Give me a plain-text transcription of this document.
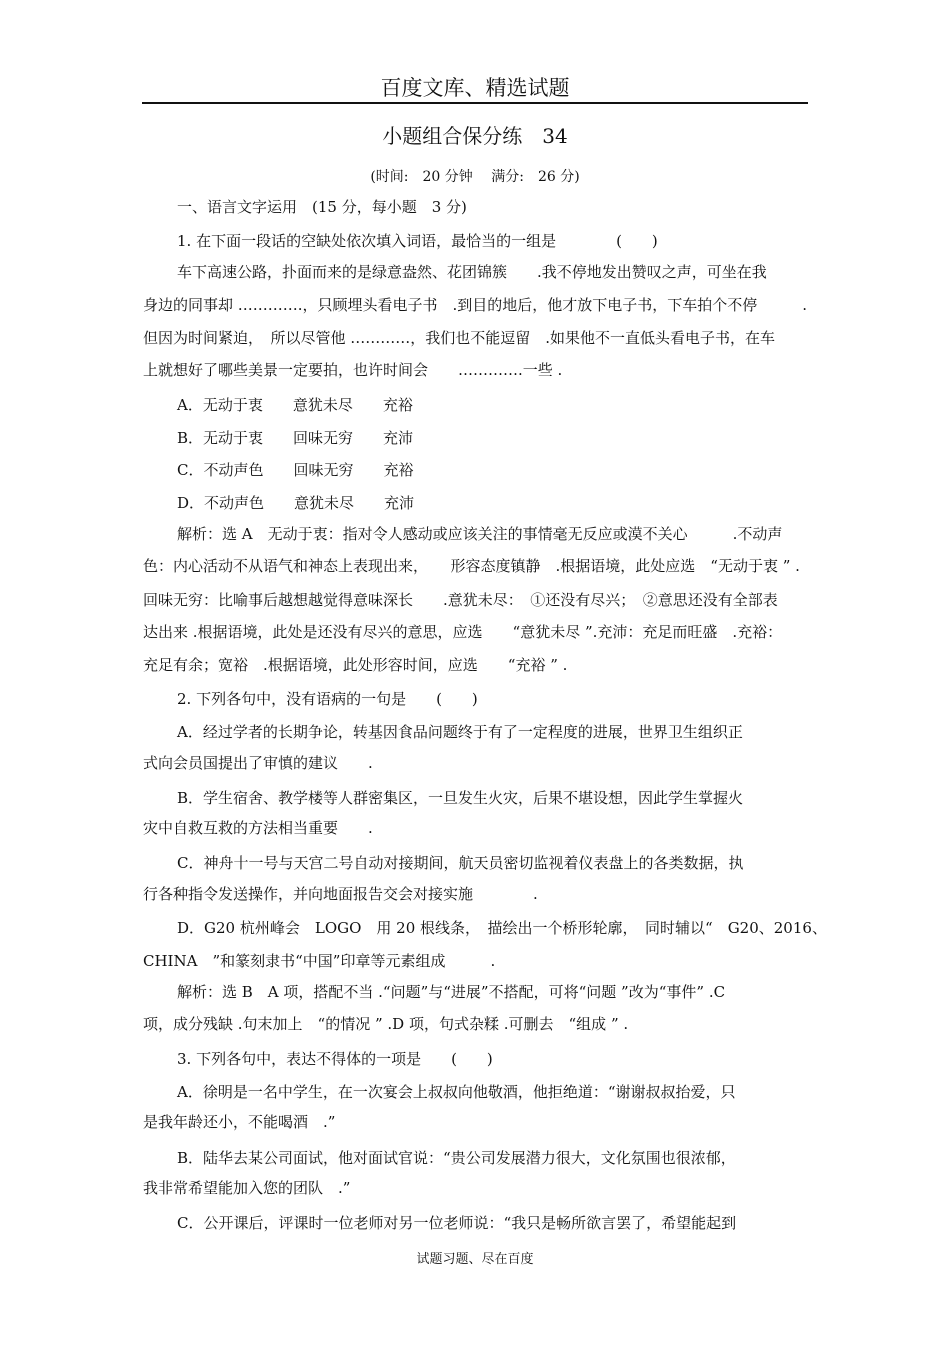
百度文库、精选试题
小题组合保分练　34
(时间:　20 分钟　 满分:　26 分)
一、语言文字运用　(15 分，每小题　3 分)
1. 在下面一段话的空缺处依次填入词语，最恰当的一组是　　　　(　　)
车下高速公路，扑面而来的是绿意盎然、花团锦簇　　.我不停地发出赞叹之声，可坐在我
身边的同事却 ………….，只顾埋头看电子书　.到目的地后，他才放下电子书，下车拍个不停　　　.
但因为时间紧迫，　所以尽管他 …………，我们也不能逗留　.如果他不一直低头看电子书，在车
上就想好了哪些美景一定要拍，也许时间会　　………….一些 .
A．无动于衷　　意犹未尽　　充裕
B．无动于衷　　回味无穷　　充沛
C．不动声色　　回味无穷　　充裕
D．不动声色　　意犹未尽　　充沛
解析：选 A　无动于衷：指对令人感动或应该关注的事情毫无反应或漠不关心　　　.不动声
色：内心活动不从语气和神态上表现出来，　　形容态度镇静　.根据语境，此处应选　“无动于衷 ” .
回味无穷：比喻事后越想越觉得意味深长　　.意犹未尽：　①还没有尽兴；　②意思还没有全部表
达出来 .根据语境，此处是还没有尽兴的意思，应选　　“意犹未尽 ”.充沛：充足而旺盛　.充裕：
充足有余；宽裕　.根据语境，此处形容时间，应选　　“充裕 ” .
2. 下列各句中，没有语病的一句是　　(　　)
A．经过学者的长期争论，转基因食品问题终于有了一定程度的进展，世界卫生组织正
式向会员国提出了审慎的建议　　.
B．学生宿舍、教学楼等人群密集区，一旦发生火灾，后果不堪设想，因此学生掌握火
灾中自救互救的方法相当重要　　.
C．神舟十一号与天宫二号自动对接期间，航天员密切监视着仪表盘上的各类数据，执
行各种指令发送操作，并向地面报告交会对接实施　　　　.
D．G20 杭州峰会　LOGO　用 20 根线条，　描绘出一个桥形轮廓，　同时辅以“　G20、2016、
CHINA　”和篆刻隶书“中国”印章等元素组成　　　.
解析：选 B　A 项，搭配不当 .“问题”与“进展”不搭配，可将“问题 ”改为“事件” .C
项，成分残缺 .句末加上　“的情况 ” .D 项，句式杂糅 .可删去　“组成 ” .
3. 下列各句中，表达不得体的一项是　　(　　)
A．徐明是一名中学生，在一次宴会上叔叔向他敬酒，他拒绝道：“谢谢叔叔抬爱，只
是我年龄还小，不能喝酒　.”
B．陆华去某公司面试，他对面试官说：“贵公司发展潜力很大，文化氛围也很浓郁，
我非常希望能加入您的团队　.”
C．公开课后，评课时一位老师对另一位老师说：“我只是畅所欲言罢了，希望能起到
试题习题、尽在百度
